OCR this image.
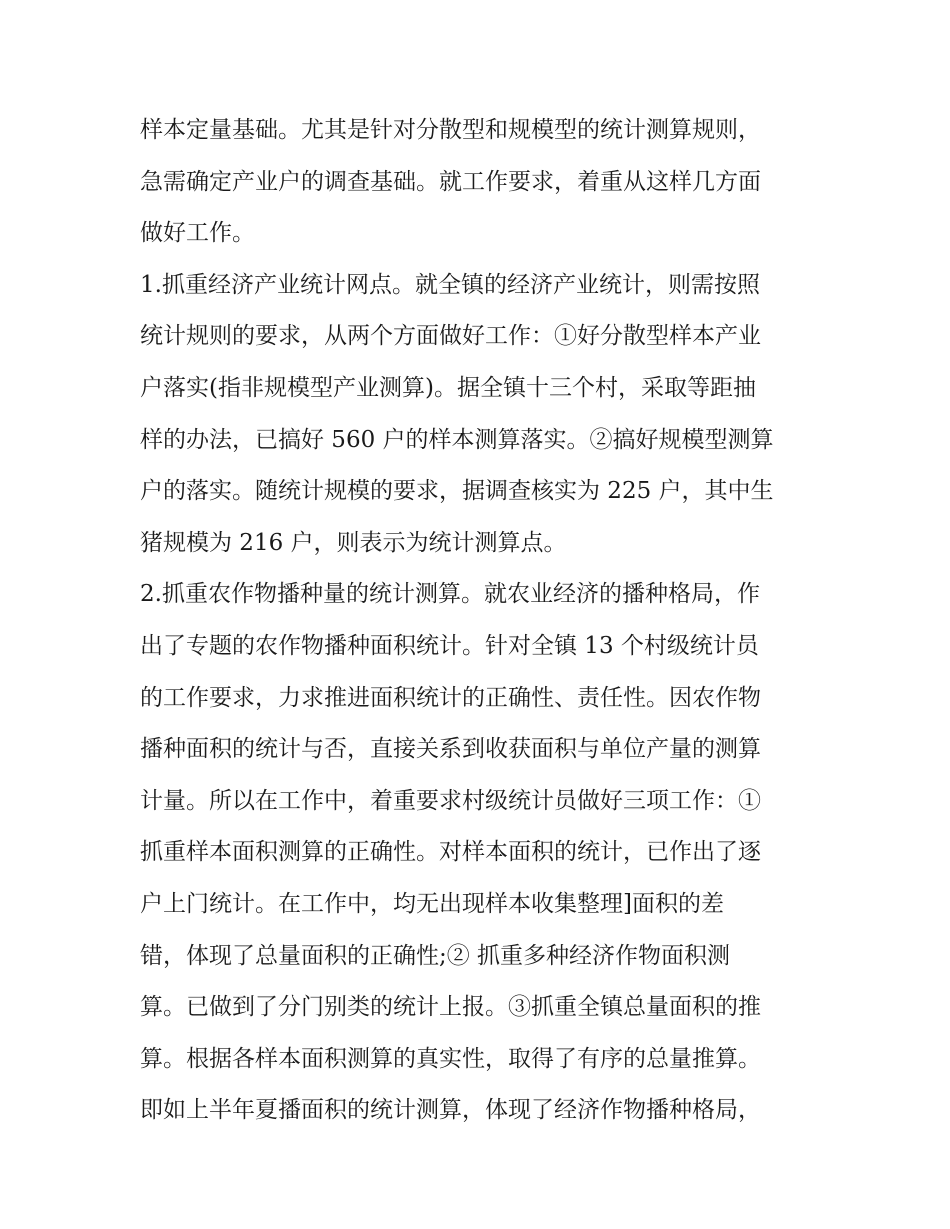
样本定量基础。尤其是针对分散型和规模型的统计测算规则，
急需确定产业户的调查基础。就工作要求，着重从这样几方面
做好工作。
1.抓重经济产业统计网点。就全镇的经济产业统计，则需按照
统计规则的要求，从两个方面做好工作：①好分散型样本产业
户落实(指非规模型产业测算)。据全镇十三个村，采取等距抽
样的办法，已搞好 560 户的样本测算落实。②搞好规模型测算
户的落实。随统计规模的要求，据调查核实为 225 户，其中生
猪规模为 216 户，则表示为统计测算点。
2.抓重农作物播种量的统计测算。就农业经济的播种格局，作
出了专题的农作物播种面积统计。针对全镇 13 个村级统计员
的工作要求，力求推进面积统计的正确性、责任性。因农作物
播种面积的统计与否，直接关系到收获面积与单位产量的测算
计量。所以在工作中，着重要求村级统计员做好三项工作：①
抓重样本面积测算的正确性。对样本面积的统计，已作出了逐
户上门统计。在工作中，均无出现样本收集整理]面积的差
错，体现了总量面积的正确性;② 抓重多种经济作物面积测
算。已做到了分门别类的统计上报。③抓重全镇总量面积的推
算。根据各样本面积测算的真实性，取得了有序的总量推算。
即如上半年夏播面积的统计测算，体现了经济作物播种格局，
